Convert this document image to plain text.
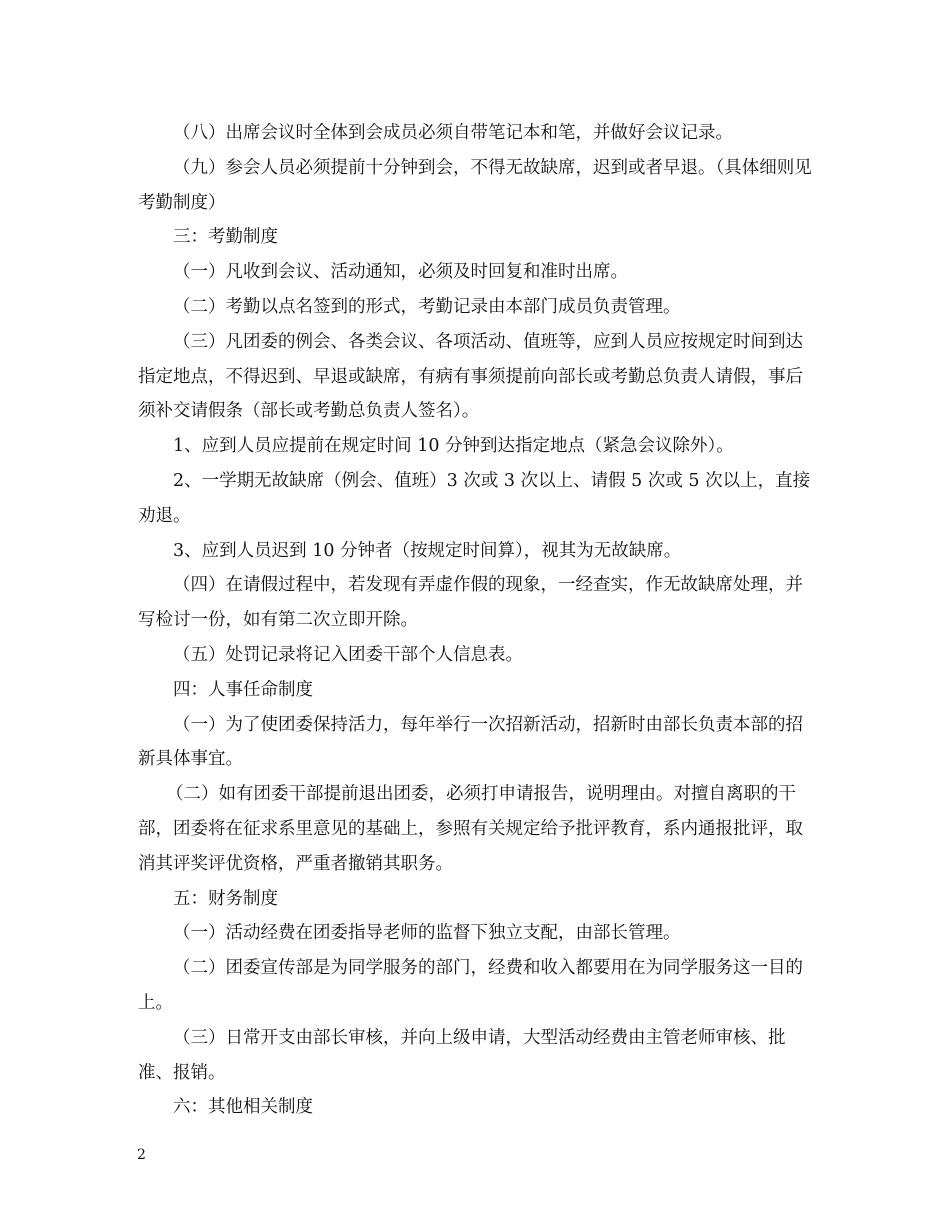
（八）出席会议时全体到会成员必须自带笔记本和笔，并做好会议记录。

（九）参会人员必须提前十分钟到会，不得无故缺席，迟到或者早退。（具体细则见考勤制度）

三：考勤制度

（一）凡收到会议、活动通知，必须及时回复和准时出席。

（二）考勤以点名签到的形式，考勤记录由本部门成员负责管理。

（三）凡团委的例会、各类会议、各项活动、值班等，应到人员应按规定时间到达指定地点，不得迟到、早退或缺席，有病有事须提前向部长或考勤总负责人请假，事后须补交请假条（部长或考勤总负责人签名）。

1、应到人员应提前在规定时间 10 分钟到达指定地点（紧急会议除外）。

2、一学期无故缺席（例会、值班）3 次或 3 次以上、请假 5 次或 5 次以上，直接劝退。

3、应到人员迟到 10 分钟者（按规定时间算），视其为无故缺席。

（四）在请假过程中，若发现有弄虚作假的现象，一经查实，作无故缺席处理，并写检讨一份，如有第二次立即开除。

（五）处罚记录将记入团委干部个人信息表。

四：人事任命制度

（一）为了使团委保持活力，每年举行一次招新活动，招新时由部长负责本部的招新具体事宜。

（二）如有团委干部提前退出团委，必须打申请报告，说明理由。对擅自离职的干部，团委将在征求系里意见的基础上，参照有关规定给予批评教育，系内通报批评，取消其评奖评优资格，严重者撤销其职务。

五：财务制度

（一）活动经费在团委指导老师的监督下独立支配，由部长管理。

（二）团委宣传部是为同学服务的部门，经费和收入都要用在为同学服务这一目的上。

（三）日常开支由部长审核，并向上级申请，大型活动经费由主管老师审核、批准、报销。

六：其他相关制度

2
